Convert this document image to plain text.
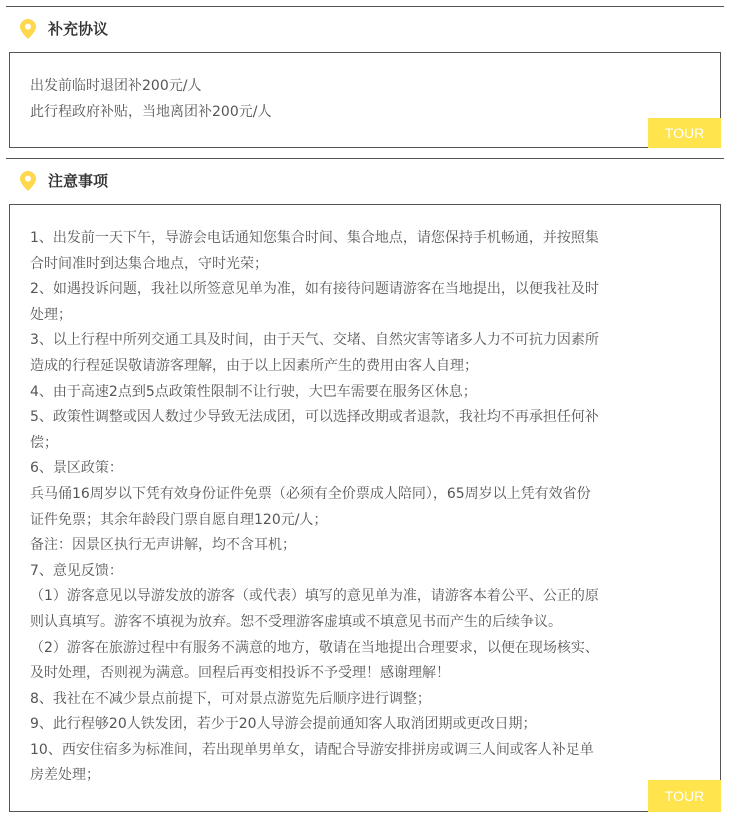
补充协议
出发前临时退团补200元/人
此行程政府补贴，当地离团补200元/人
TOUR
注意事项
1、出发前一天下午，导游会电话通知您集合时间、集合地点，请您保持手机畅通，并按照集
合时间准时到达集合地点，守时光荣；
2、如遇投诉问题，我社以所签意见单为准，如有接待问题请游客在当地提出，以便我社及时
处理；
3、以上行程中所列交通工具及时间，由于天气、交堵、自然灾害等诸多人力不可抗力因素所
造成的行程延误敬请游客理解，由于以上因素所产生的费用由客人自理；
4、由于高速2点到5点政策性限制不让行驶，大巴车需要在服务区休息；
5、政策性调整或因人数过少导致无法成团，可以选择改期或者退款，我社均不再承担任何补
偿；
6、景区政策：
兵马俑16周岁以下凭有效身份证件免票（必须有全价票成人陪同），65周岁以上凭有效省份
证件免票；其余年龄段门票自愿自理120元/人；
备注：因景区执行无声讲解，均不含耳机；
7、意见反馈：
（1）游客意见以导游发放的游客（或代表）填写的意见单为准，请游客本着公平、公正的原
则认真填写。游客不填视为放弃。恕不受理游客虚填或不填意见书而产生的后续争议。
（2）游客在旅游过程中有服务不满意的地方，敬请在当地提出合理要求，以便在现场核实、
及时处理，否则视为满意。回程后再变相投诉不予受理！感谢理解！
8、我社在不减少景点前提下，可对景点游览先后顺序进行调整；
9、此行程够20人铁发团，若少于20人导游会提前通知客人取消团期或更改日期；
10、西安住宿多为标准间，若出现单男单女，请配合导游安排拼房或调三人间或客人补足单
房差处理；
TOUR
